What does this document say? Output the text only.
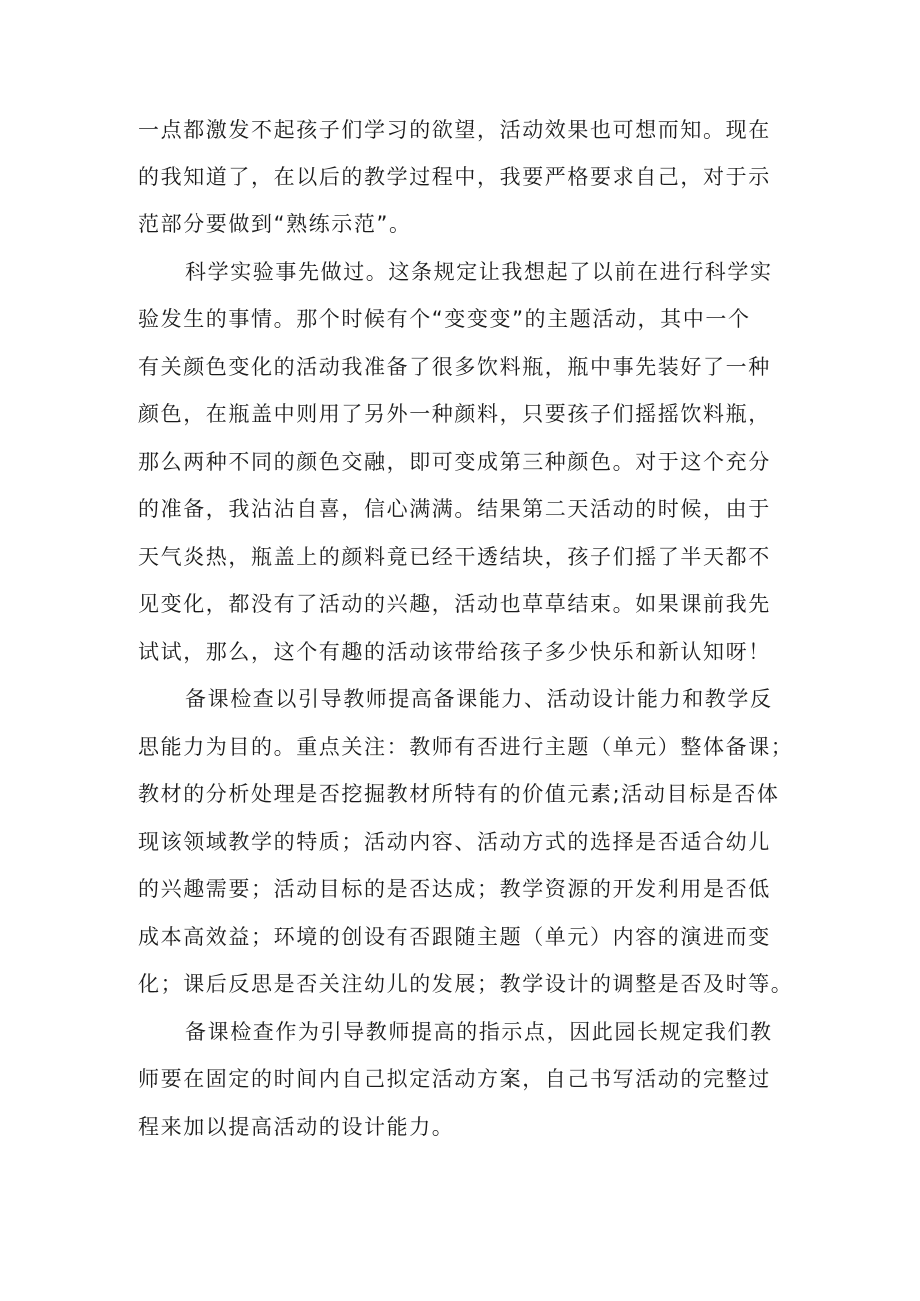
一点都激发不起孩子们学习的欲望，活动效果也可想而知。现在

的我知道了，在以后的教学过程中，我要严格要求自己，对于示

范部分要做到“熟练示范”。

科学实验事先做过。这条规定让我想起了以前在进行科学实

验发生的事情。那个时候有个“变变变”的主题活动，其中一个

有关颜色变化的活动我准备了很多饮料瓶，瓶中事先装好了一种

颜色，在瓶盖中则用了另外一种颜料，只要孩子们摇摇饮料瓶，

那么两种不同的颜色交融，即可变成第三种颜色。对于这个充分

的准备，我沾沾自喜，信心满满。结果第二天活动的时候，由于

天气炎热，瓶盖上的颜料竟已经干透结块，孩子们摇了半天都不

见变化，都没有了活动的兴趣，活动也草草结束。如果课前我先

试试，那么，这个有趣的活动该带给孩子多少快乐和新认知呀！

备课检查以引导教师提高备课能力、活动设计能力和教学反

思能力为目的。重点关注：教师有否进行主题（单元）整体备课；

教材的分析处理是否挖掘教材所特有的价值元素;活动目标是否体

现该领域教学的特质；活动内容、活动方式的选择是否适合幼儿

的兴趣需要；活动目标的是否达成；教学资源的开发利用是否低

成本高效益；环境的创设有否跟随主题（单元）内容的演进而变

化；课后反思是否关注幼儿的发展；教学设计的调整是否及时等。

备课检查作为引导教师提高的指示点，因此园长规定我们教

师要在固定的时间内自己拟定活动方案，自己书写活动的完整过

程来加以提高活动的设计能力。
